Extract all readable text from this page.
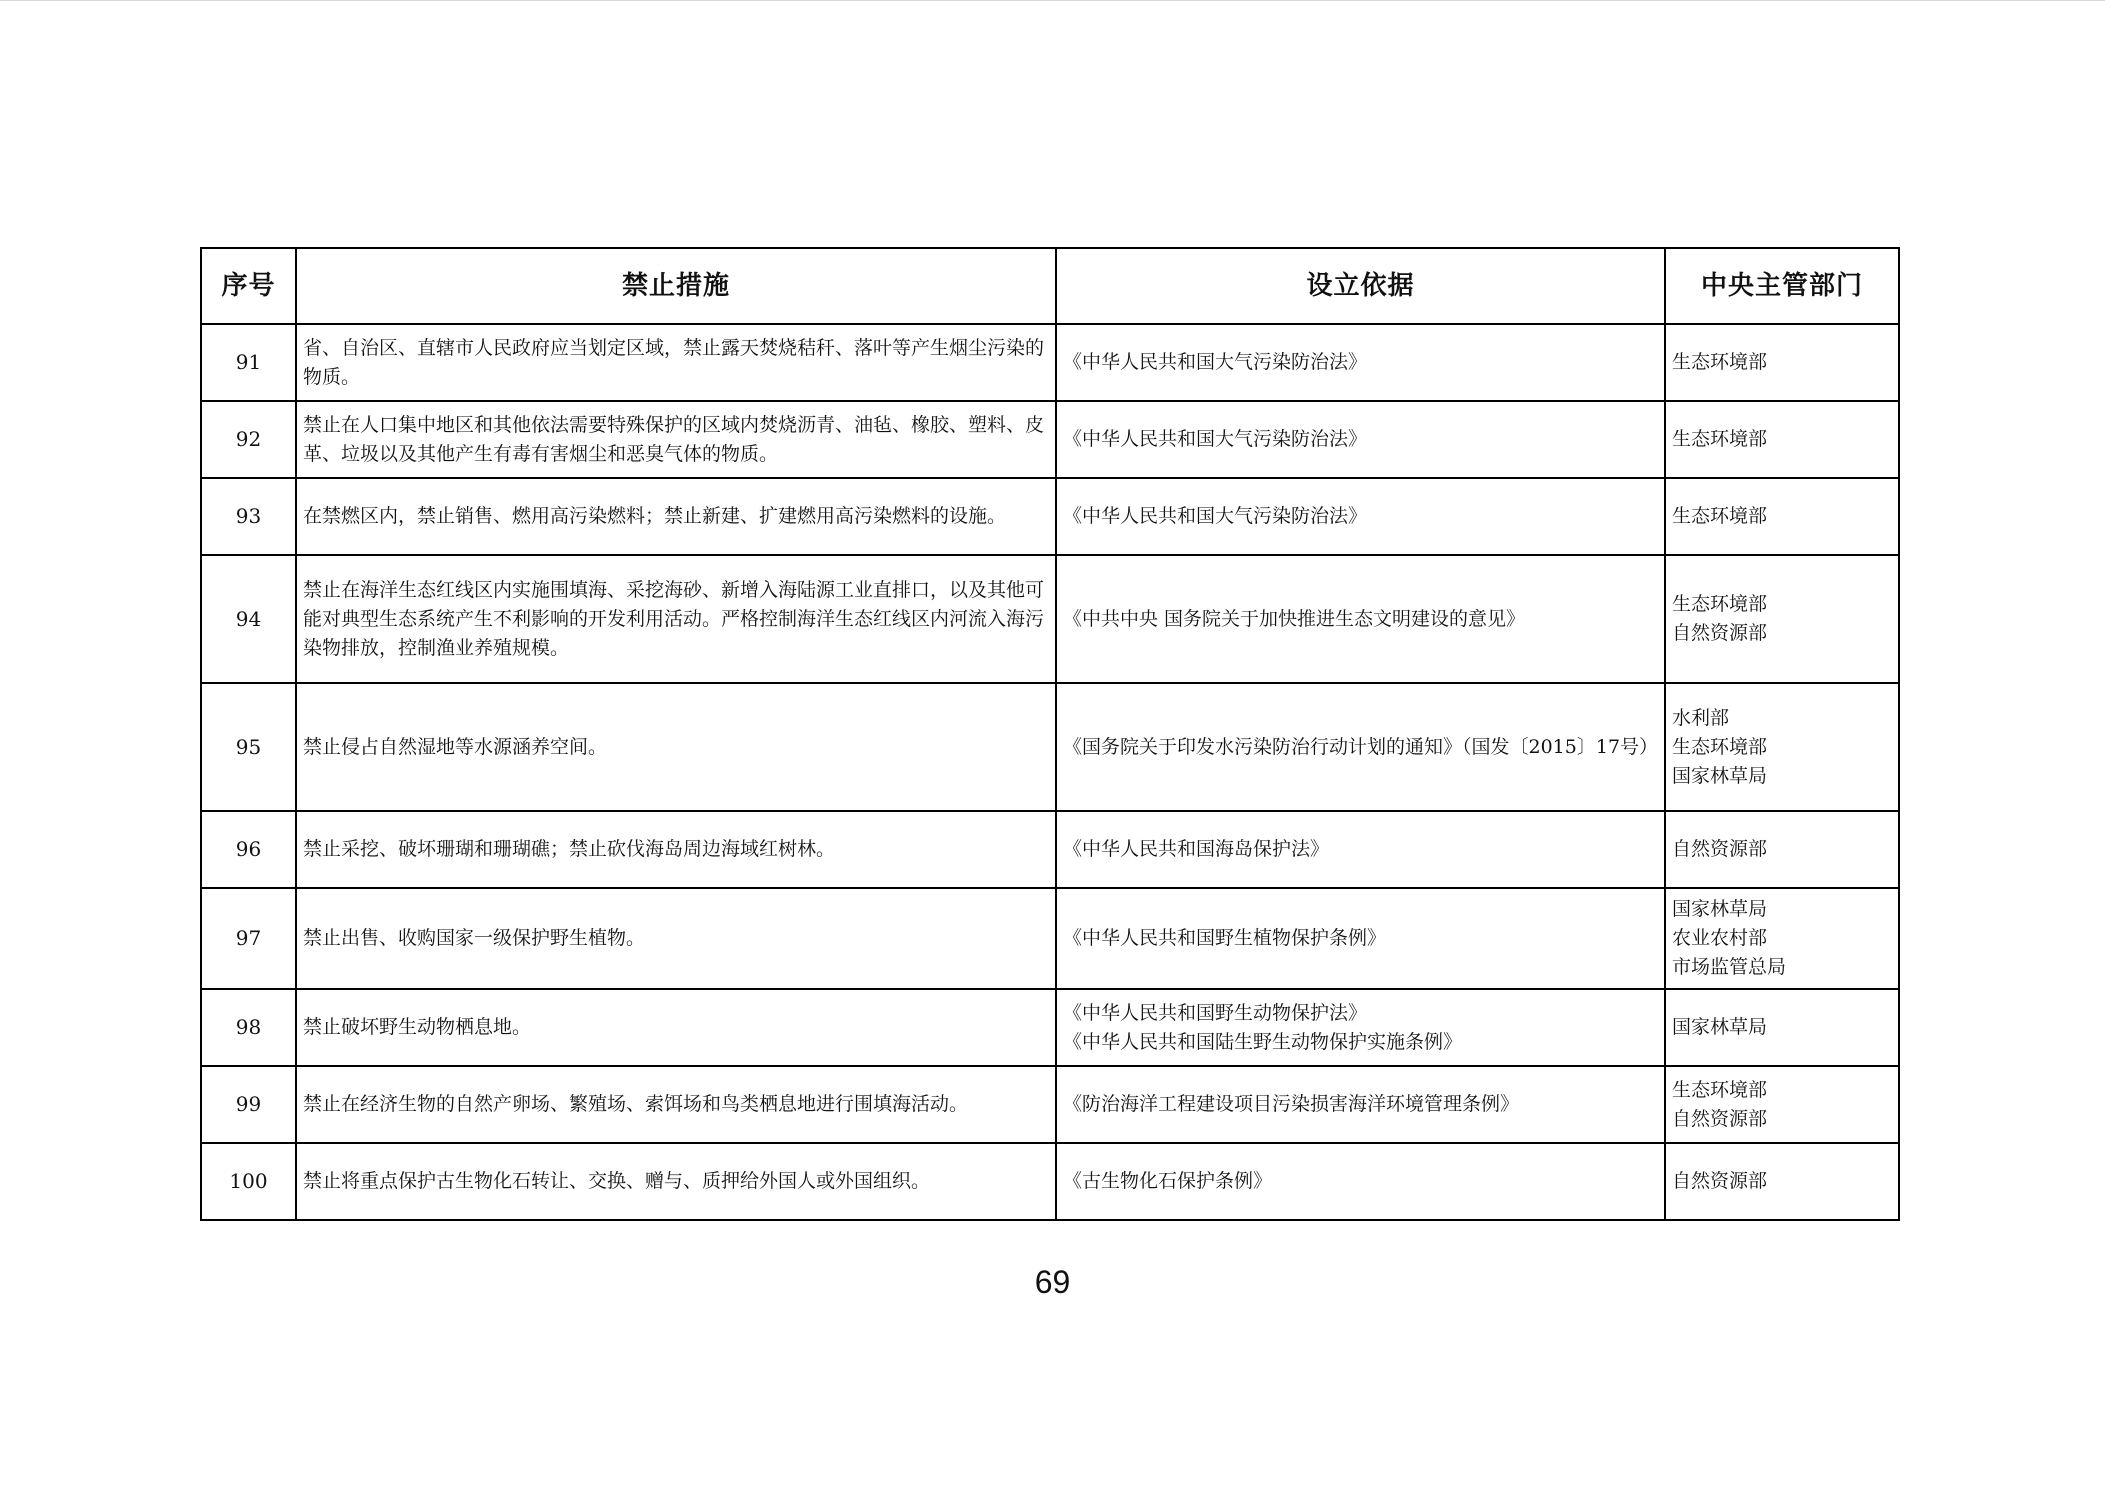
序号	禁止措施	设立依据	中央主管部门
91	省、自治区、直辖市人民政府应当划定区域，禁止露天焚烧秸秆、落叶等产生烟尘污染的物质。	《中华人民共和国大气污染防治法》	生态环境部

92	禁止在人口集中地区和其他依法需要特殊保护的区域内焚烧沥青、油毡、橡胶、塑料、皮革、垃圾以及其他产生有毒有害烟尘和恶臭气体的物质。	《中华人民共和国大气污染防治法》	生态环境部

93	在禁燃区内，禁止销售、燃用高污染燃料；禁止新建、扩建燃用高污染燃料的设施。	《中华人民共和国大气污染防治法》	生态环境部

94	禁止在海洋生态红线区内实施围填海、采挖海砂、新增入海陆源工业直排口，以及其他可能对典型生态系统产生不利影响的开发利用活动。严格控制海洋生态红线区内河流入海污染物排放，控制渔业养殖规模。	《中共中央 国务院关于加快推进生态文明建设的意见》	生态环境部
自然资源部

95	禁止侵占自然湿地等水源涵养空间。	《国务院关于印发水污染防治行动计划的通知》（国发〔2015〕17号）	水利部
生态环境部
国家林草局

96	禁止采挖、破坏珊瑚和珊瑚礁；禁止砍伐海岛周边海域红树林。	《中华人民共和国海岛保护法》	自然资源部

97	禁止出售、收购国家一级保护野生植物。	《中华人民共和国野生植物保护条例》	国家林草局
农业农村部
市场监管总局

98	禁止破坏野生动物栖息地。	《中华人民共和国野生动物保护法》
《中华人民共和国陆生野生动物保护实施条例》	国家林草局

99	禁止在经济生物的自然产卵场、繁殖场、索饵场和鸟类栖息地进行围填海活动。	《防治海洋工程建设项目污染损害海洋环境管理条例》	生态环境部
自然资源部

100	禁止将重点保护古生物化石转让、交换、赠与、质押给外国人或外国组织。	《古生物化石保护条例》	自然资源部
69
